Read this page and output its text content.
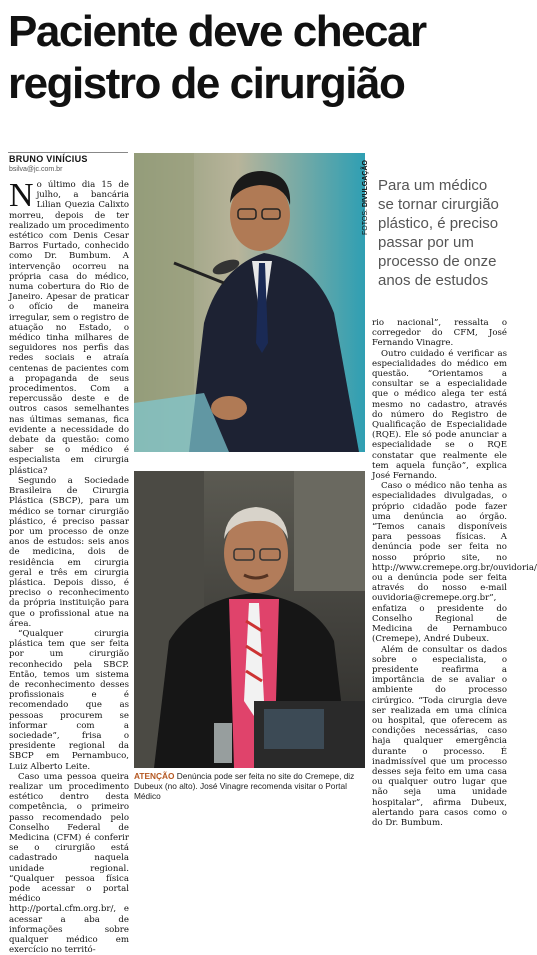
Paciente deve checar registro de cirurgião
BRUNO VINÍCIUS
bsilva@jc.com.br

No último dia 15 de julho, a bancária Lilian Quezia Calixto morreu, depois de ter realizado um procedimento estético com Denis Cesar Barros Furtado, conhecido como Dr. Bumbum. A intervenção ocorreu na própria casa do médico, numa cobertura do Rio de Janeiro. Apesar de praticar o ofício de maneira irregular, sem o registro de atuação no Estado, o médico tinha milhares de seguidores nos perfis das redes sociais e atraía centenas de pacientes com a propaganda de seus procedimentos. Com a repercussão deste e de outros casos semelhantes nas últimas semanas, fica evidente a necessidade do debate da questão: como saber se o médico é especialista em cirurgia plástica?

Segundo a Sociedade Brasileira de Cirurgia Plástica (SBCP), para um médico se tornar cirurgião plástico, é preciso passar por um processo de onze anos de estudos: seis anos de medicina, dois de residência em cirurgia geral e três em cirurgia plástica. Depois disso, é preciso o reconhecimento da própria instituição para que o profissional atue na área.

“Qualquer cirurgia plástica tem que ser feita por um cirurgião reconhecido pela SBCP. Então, temos um sistema de reconhecimento desses profissionais e é recomendado que as pessoas procurem se informar com a sociedade”, frisa o presidente regional da SBCP em Pernambuco, Luiz Alberto Leite.

Caso uma pessoa queira realizar um procedimento estético dentro desta competência, o primeiro passo recomendado pelo Conselho Federal de Medicina (CFM) é conferir se o cirurgião está cadastrado naquela unidade regional. “Qualquer pessoa física pode acessar o portal médico http://portal.cfm.org.br/, e acessar a aba de informações sobre qualquer médico em exercício no territó-

FOTOS: DIVULGAÇÃO Para um médico se tornar cirurgião plástico, é preciso passar por um processo de onze anos de estudos

rio nacional”, ressalta o corregedor do CFM, José Fernando Vinagre.

Outro cuidado é verificar as especialidades do médico em questão. “Orientamos a consultar se a especialidade que o médico alega ter está mesmo no cadastro, através do número do Registro de Qualificação de Especialidade (RQE). Ele só pode anunciar a especialidade se o RQE constatar que realmente ele tem aquela função”, explica José Fernando.

Caso o médico não tenha as especialidades divulgadas, o próprio cidadão pode fazer uma denúncia ao órgão. “Temos canais disponíveis para pessoas físicas. A denúncia pode ser feita no nosso próprio site, no http://www.cremepe.org.br/ouvidoria/ ou a denúncia pode ser feita através do nosso e-mail ouvidoria@cremepe.org.br”, enfatiza o presidente do Conselho Regional de Medicina de Pernambuco (Cremepe), André Dubeux.

Além de consultar os dados sobre o especialista, o presidente reafirma a importância de se avaliar o ambiente do processo cirúrgico. “Toda cirurgia deve ser realizada em uma clínica ou hospital, que oferecem as condições necessárias, caso haja qualquer emergência durante o processo. É inadmissível que um processo desses seja feito em uma casa ou qualquer outro lugar que não seja uma unidade hospitalar”, afirma Dubeux, alertando para casos como o do Dr. Bumbum.

ATENÇÃO Denúncia pode ser feita no site do Cremepe, diz Dubeux (no alto). José Vinagre recomenda visitar o Portal Médico
